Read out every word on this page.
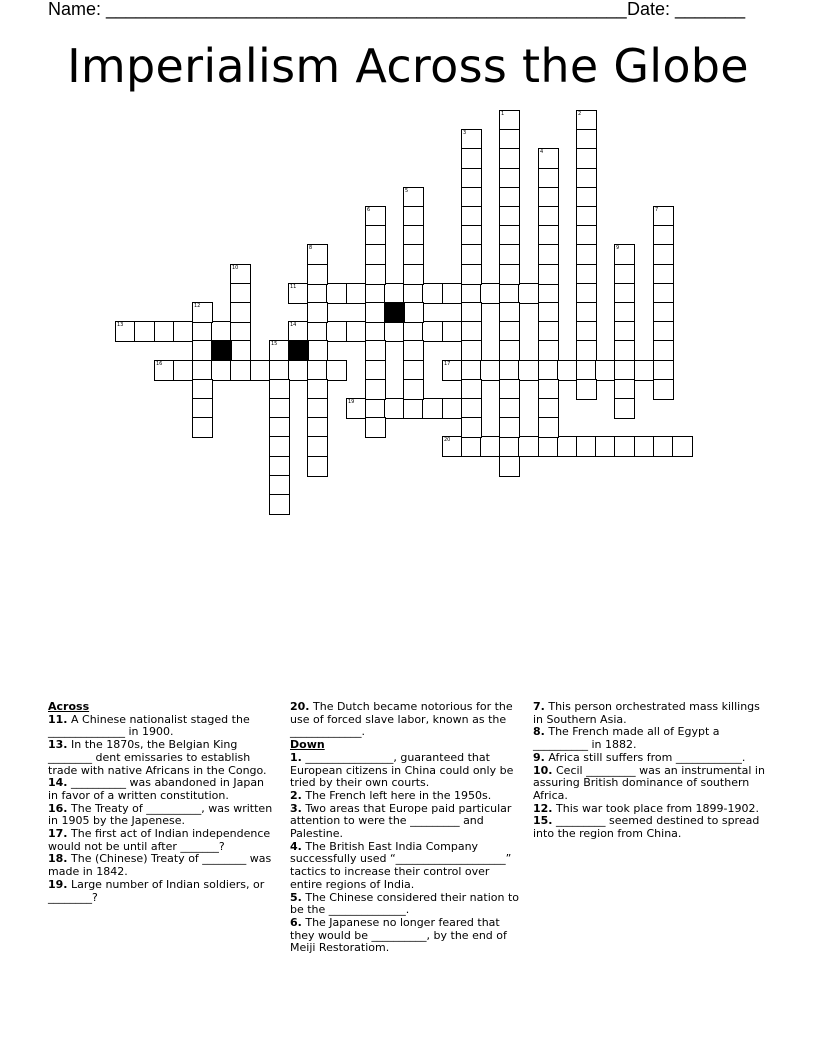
Name: ____________________________________________________ Date: _______
Imperialism Across the Globe
11
13	14
16	17
19
20
1	2
3
4
5
6	7
8	9
10
12
15

Across

11. A Chinese nationalist staged the ______________ in 1900.

13. In the 1870s, the Belgian King ________ dent emissaries to establish trade with native Africans in the Congo.

14. __________ was abandoned in Japan in favor of a written constitution.

16. The Treaty of __________, was written in 1905 by the Japenese.

17. The first act of Indian independence would not be until after _______?

18. The (Chinese) Treaty of ________ was made in 1842.

19. Large number of Indian soldiers, or ________?

20. The Dutch became notorious for the use of forced slave labor, known as the _____________.

Down

1. ________________, guaranteed that European citizens in China could only be tried by their own courts.

2. The French left here in the 1950s.

3. Two areas that Europe paid particular attention to were the _________ and Palestine.

4. The British East India Company successfully used “____________________” tactics to increase their control over entire regions of India.

5. The Chinese considered their nation to be the ______________.

6. The Japanese no longer feared that they would be __________, by the end of Meiji Restoratiom.

7. This person orchestrated mass killings in Southern Asia.

8. The French made all of Egypt a __________ in 1882.

9. Africa still suffers from ____________.

10. Cecil _________ was an instrumental in assuring British dominance of southern Africa.

12. This war took place from 1899-1902.

15. _________ seemed destined to spread into the region from China.
